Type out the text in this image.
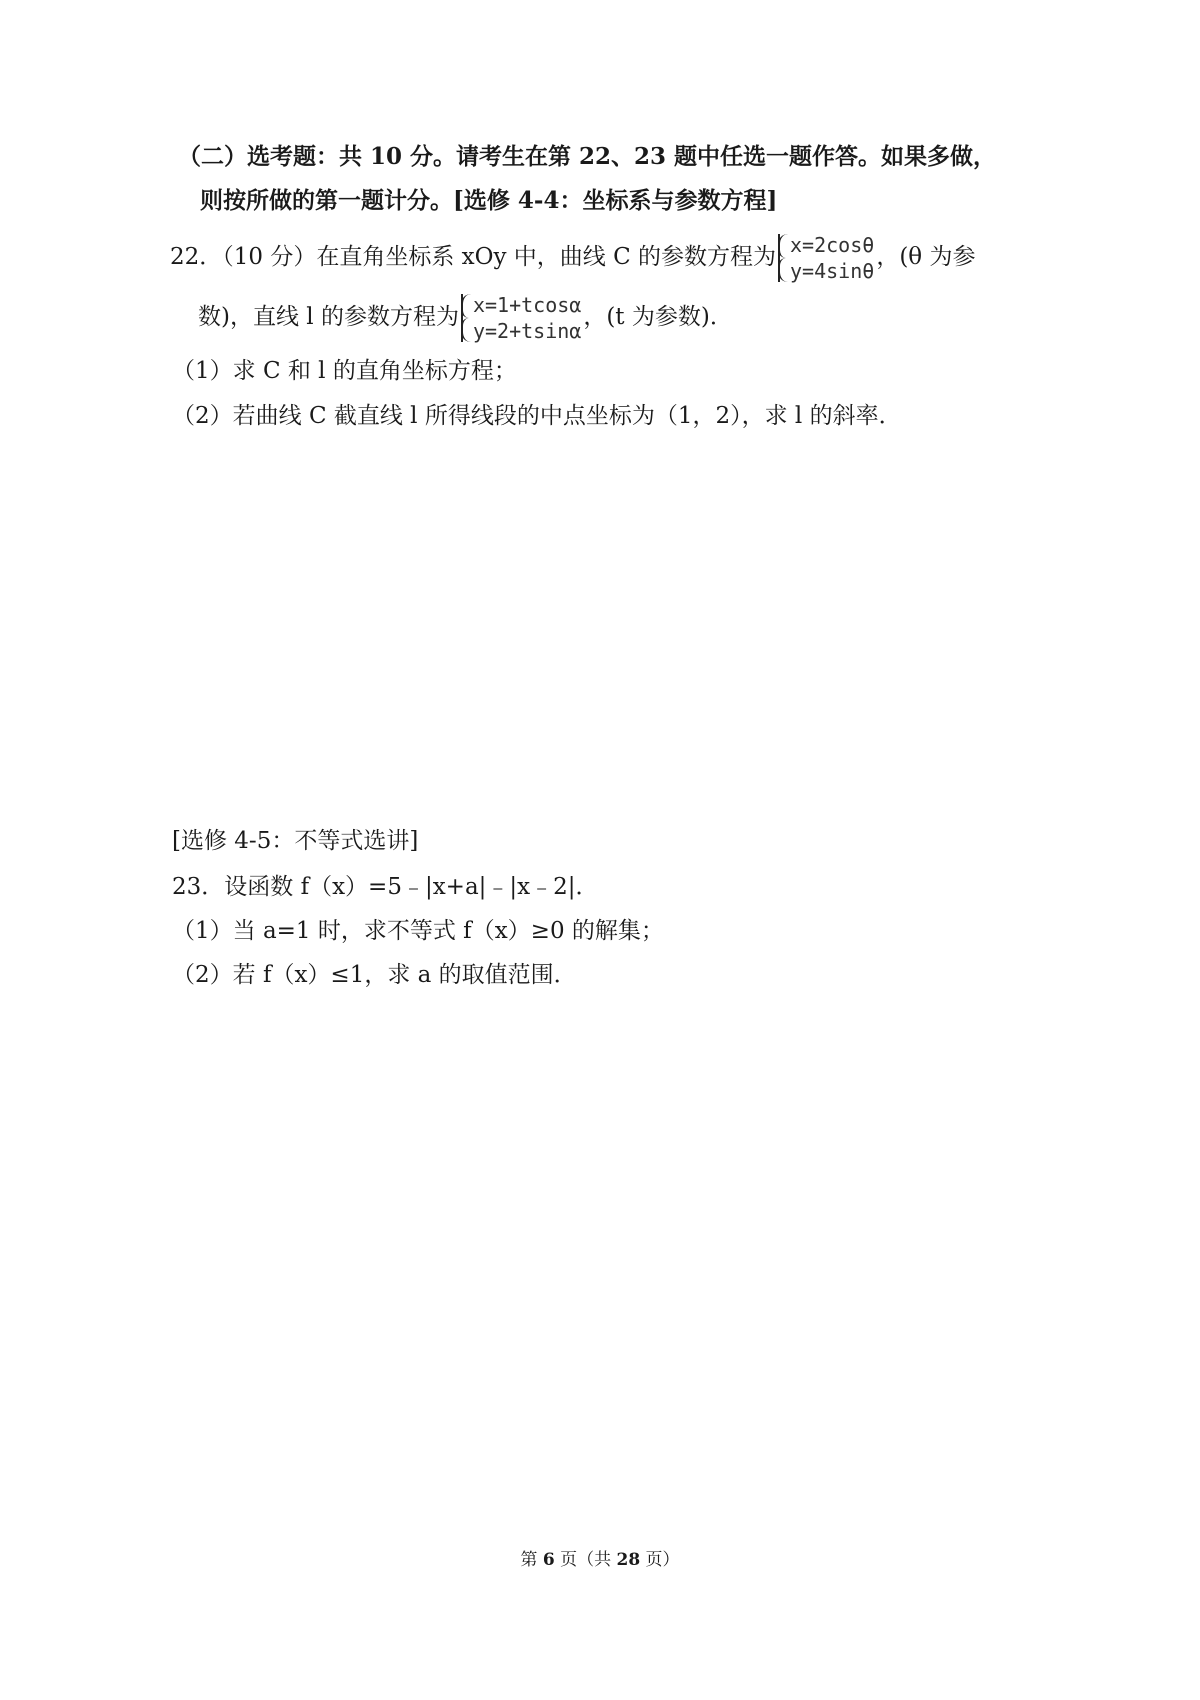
（二）选考题：共 10 分。请考生在第 22、23 题中任选一题作答。如果多做，
则按所做的第一题计分。[选修 4-4：坐标系与参数方程]
22．（10 分）在直角坐标系 xOy 中，曲线 C 的参数方程为 x=2cosθ
y=4sinθ
，(θ 为参
数)，直线 l 的参数方程为 x=1+tcosα
y=2+tsinα
，(t 为参数)．
（1）求 C 和 l 的直角坐标方程；
（2）若曲线 C 截直线 l 所得线段的中点坐标为（1，2），求 l 的斜率．
[选修 4-5：不等式选讲]
23．设函数 f（x）=5﹣|x+a|﹣|x﹣2|．
（1）当 a=1 时，求不等式 f（x）≥0 的解集；
（2）若 f（x）≤1，求 a 的取值范围．
第 6 页（共 28 页）
